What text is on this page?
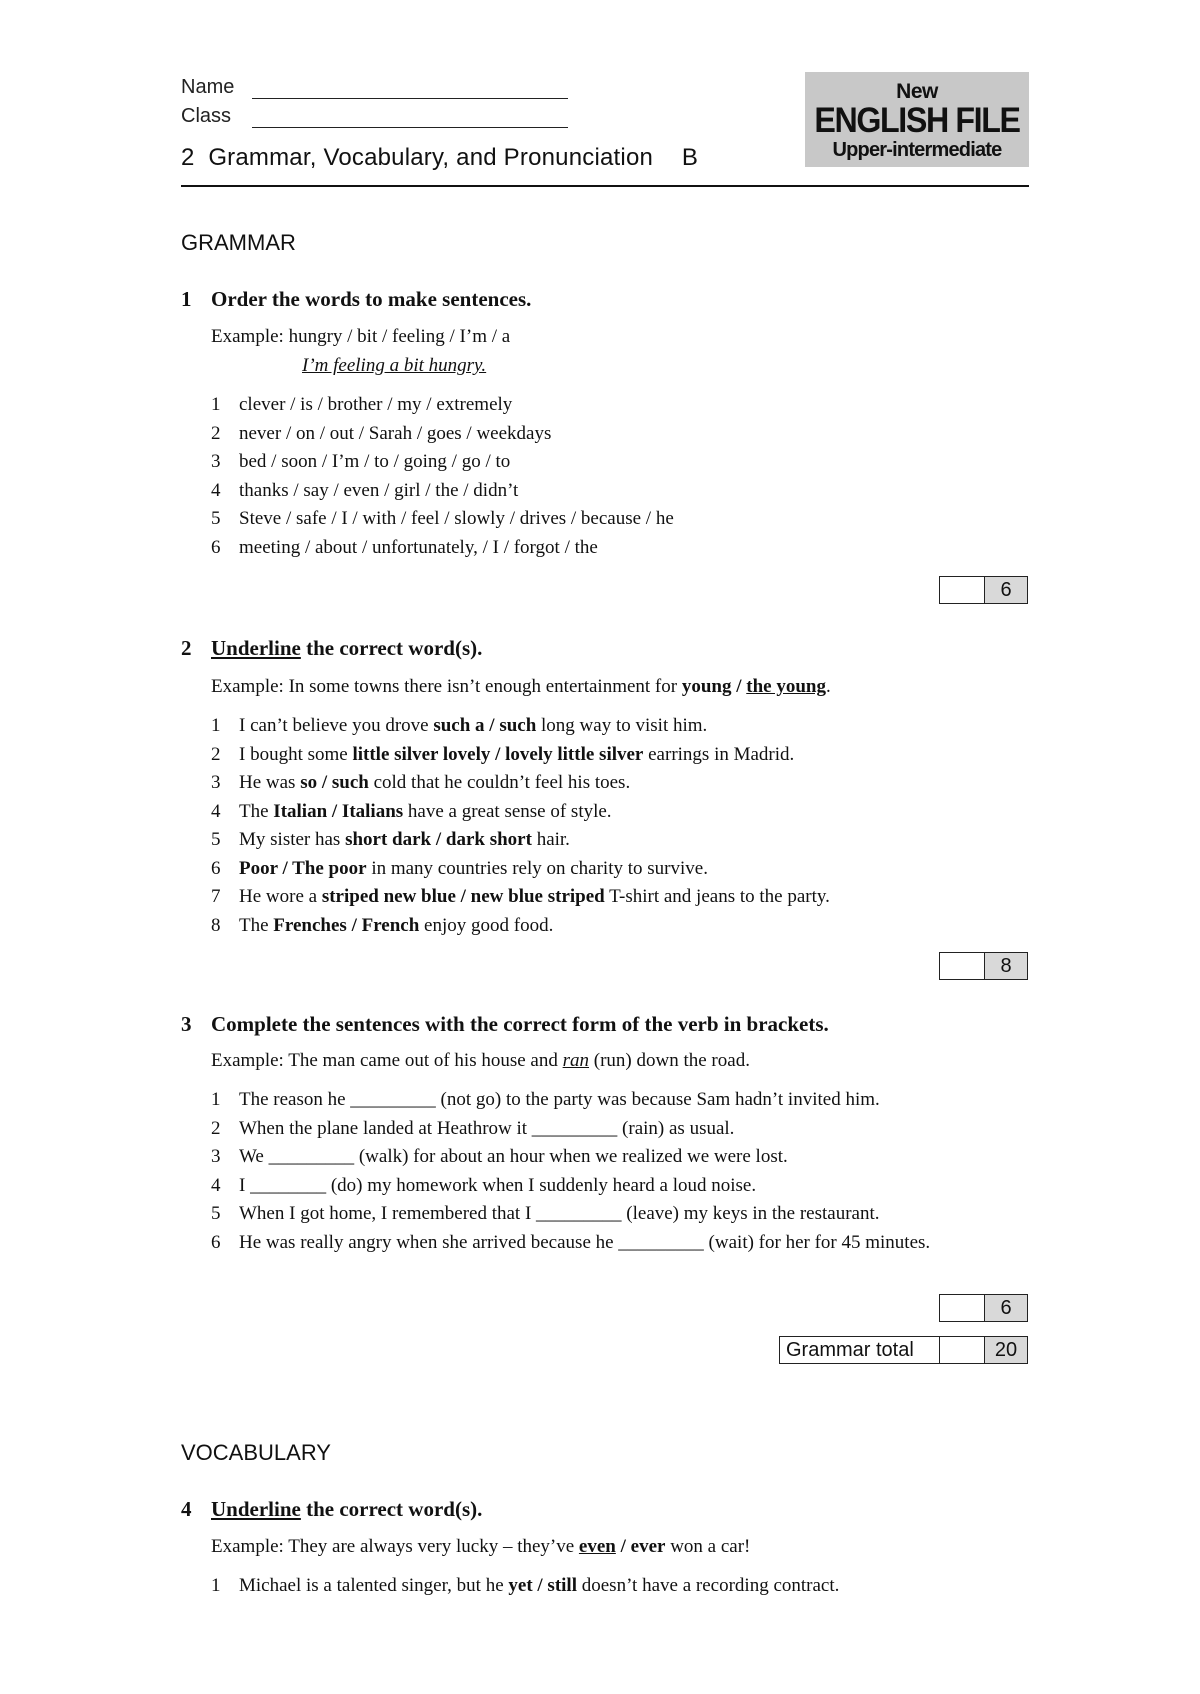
Name
Class
New
ENGLISH FILE
Upper-intermediate
2 Grammar, Vocabulary, and Pronunciation B
GRAMMAR
1 Order the words to make sentences.
Example: hungry / bit / feeling / I’m / a
I’m feeling a bit hungry.
1 clever / is / brother / my / extremely
2 never / on / out / Sarah / goes / weekdays
3 bed / soon / I’m / to / going / go / to
4 thanks / say / even / girl / the / didn’t
5 Steve / safe / I / with / feel / slowly / drives / because / he
6 meeting / about / unfortunately, / I / forgot / the
6
2 Underline the correct word(s).
Example: In some towns there isn’t enough entertainment for young / the young.
1 I can’t believe you drove such a / such long way to visit him.
2 I bought some little silver lovely / lovely little silver earrings in Madrid.
3 He was so / such cold that he couldn’t feel his toes.
4 The Italian / Italians have a great sense of style.
5 My sister has short dark / dark short hair.
6 Poor / The poor in many countries rely on charity to survive.
7 He wore a striped new blue / new blue striped T-shirt and jeans to the party.
8 The Frenches / French enjoy good food.
8
3 Complete the sentences with the correct form of the verb in brackets.
Example: The man came out of his house and ran (run) down the road.
1 The reason he _________ (not go) to the party was because Sam hadn’t invited him.
2 When the plane landed at Heathrow it _________ (rain) as usual.
3 We _________ (walk) for about an hour when we realized we were lost.
4 I ________ (do) my homework when I suddenly heard a loud noise.
5 When I got home, I remembered that I _________ (leave) my keys in the restaurant.
6 He was really angry when she arrived because he _________ (wait) for her for 45 minutes.
6
Grammar total	20
VOCABULARY
4 Underline the correct word(s).
Example: They are always very lucky – they’ve even / ever won a car!
1 Michael is a talented singer, but he yet / still doesn’t have a recording contract.
